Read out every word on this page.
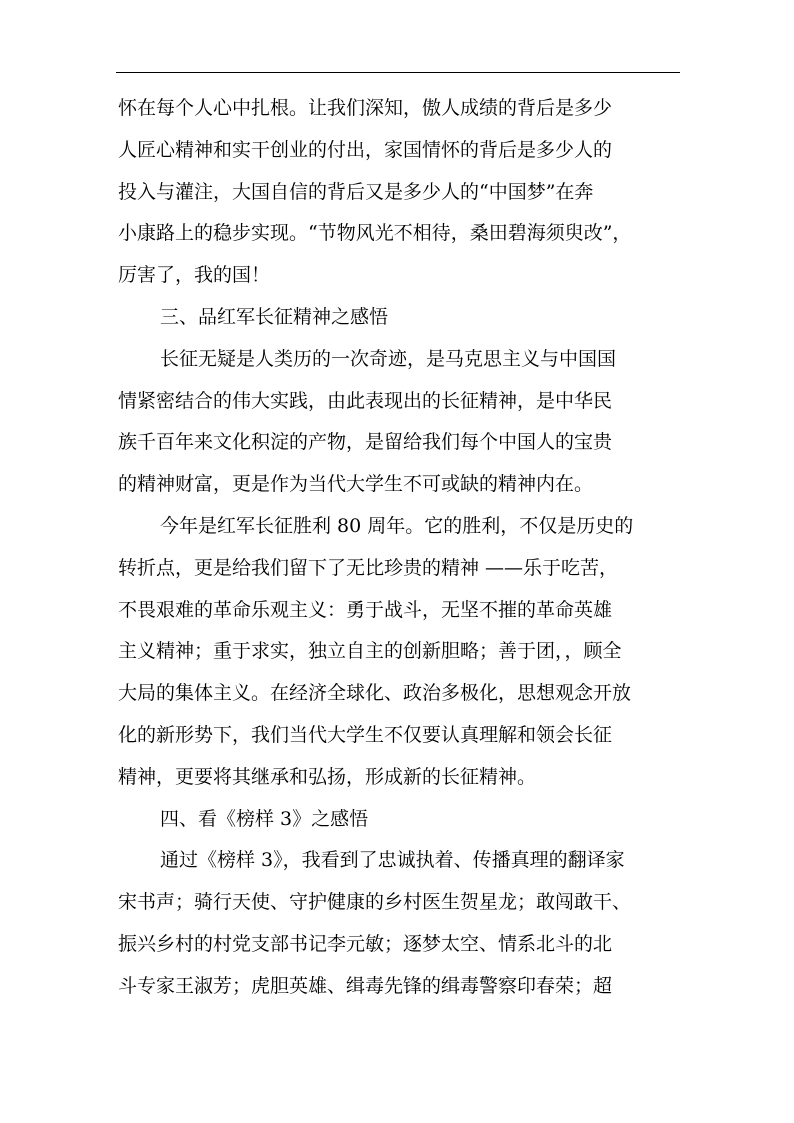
怀在每个人心中扎根。让我们深知，傲人成绩的背后是多少
人匠心精神和实干创业的付出，家国情怀的背后是多少人的
投入与灌注，大国自信的背后又是多少人的“中国梦”在奔
小康路上的稳步实现。“节物风光不相待，桑田碧海须臾改”，
厉害了，我的国！
三、品红军长征精神之感悟
长征无疑是人类历的一次奇迹，是马克思主义与中国国
情紧密结合的伟大实践，由此表现出的长征精神，是中华民
族千百年来文化积淀的产物，是留给我们每个中国人的宝贵
的精神财富，更是作为当代大学生不可或缺的精神内在。
今年是红军长征胜利 80 周年。它的胜利，不仅是历史的
转折点，更是给我们留下了无比珍贵的精神 ——乐于吃苦，
不畏艰难的革命乐观主义：勇于战斗，无坚不摧的革命英雄
主义精神；重于求实，独立自主的创新胆略；善于团，，顾全
大局的集体主义。在经济全球化、政治多极化，思想观念开放
化的新形势下，我们当代大学生不仅要认真理解和领会长征
精神，更要将其继承和弘扬，形成新的长征精神。
四、看《榜样 3》之感悟
通过《榜样 3》，我看到了忠诚执着、传播真理的翻译家
宋书声；骑行天使、守护健康的乡村医生贺星龙；敢闯敢干、
振兴乡村的村党支部书记李元敏；逐梦太空、情系北斗的北
斗专家王淑芳；虎胆英雄、缉毒先锋的缉毒警察印春荣；超
